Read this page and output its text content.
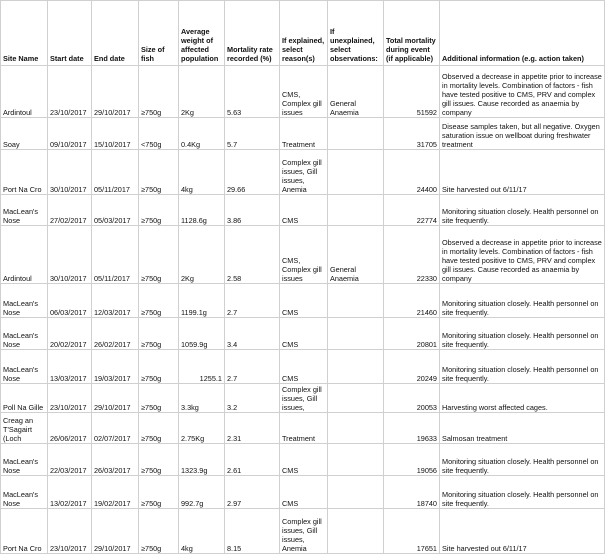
Site Name	Start date	End date	Size of fish	Average weight of affected population	Mortality rate recorded (%)	If explained, select reason(s)	If unexplained, select observations:	Total mortality during event (if applicable)	Additional information (e.g. action taken)
Ardintoul	23/10/2017	29/10/2017	≥750g	2Kg	5.63	CMS, Complex gill issues	General Anaemia	51592	Observed a decrease in appetite prior to increase in mortality levels. Combination of factors - fish have tested positive to CMS, PRV and complex gill issues. Cause recorded as anaemia by company
Soay	09/10/2017	15/10/2017	<750g	0.4Kg	5.7	Treatment		31705	Disease samples taken, but all negative. Oxygen saturation issue on wellboat during freshwater treatment
Port Na Cro	30/10/2017	05/11/2017	≥750g	4kg	29.66	Complex gill issues, Gill issues, Anemia		24400	Site harvested out 6/11/17
MacLean's Nose	27/02/2017	05/03/2017	≥750g	1128.6g	3.86	CMS		22774	Monitoring situation closely. Health personnel on site frequently.
Ardintoul	30/10/2017	05/11/2017	≥750g	2Kg	2.58	CMS, Complex gill issues	General Anaemia	22330	Observed a decrease in appetite prior to increase in mortality levels. Combination of factors - fish have tested positive to CMS, PRV and complex gill issues. Cause recorded as anaemia by company
MacLean's Nose	06/03/2017	12/03/2017	≥750g	1199.1g	2.7	CMS		21460	Monitoring situation closely. Health personnel on site frequently.
MacLean's Nose	20/02/2017	26/02/2017	≥750g	1059.9g	3.4	CMS		20801	Monitoring situation closely. Health personnel on site frequently.
MacLean's Nose	13/03/2017	19/03/2017	≥750g	1255.1	2.7	CMS		20249	Monitoring situation closely. Health personnel on site frequently.
Poll Na Gille	23/10/2017	29/10/2017	≥750g	3.3kg	3.2	Complex gill issues, Gill issues,		20053	Harvesting worst affected cages.
Creag an T'Sagairt (Loch	26/06/2017	02/07/2017	≥750g	2.75Kg	2.31	Treatment		19633	Salmosan treatment
MacLean's Nose	22/03/2017	26/03/2017	≥750g	1323.9g	2.61	CMS		19056	Monitoring situation closely. Health personnel on site frequently.
MacLean's Nose	13/02/2017	19/02/2017	≥750g	992.7g	2.97	CMS		18740	Monitoring situation closely. Health personnel on site frequently.
Port Na Cro	23/10/2017	29/10/2017	≥750g	4kg	8.15	Complex gill issues, Gill issues, Anemia		17651	Site harvested out 6/11/17
